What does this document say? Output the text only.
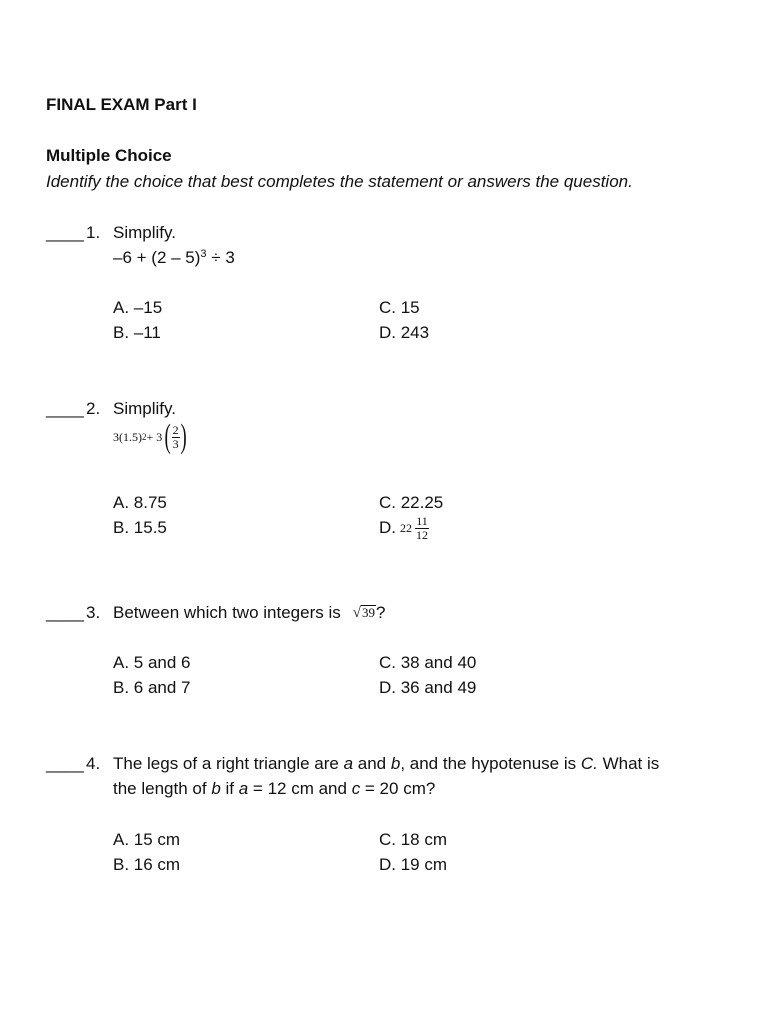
FINAL EXAM Part I
Multiple Choice
Identify the choice that best completes the statement or answers the question.
____ 1. Simplify.
–6 + (2 – 5)$^3$ ÷ 3
A. –15
B. –11
C. 15
D. 243
____ 2. Simplify.
3(1.5) 2 + 3 ( $\frac{2}{3}$ )
A. 8.75
B. 15.5
C. 22.25
D. $22 \frac{11}{12}$
____ 3. Between which two integers is √ 39 ?
A. 5 and 6
B. 6 and 7
C. 38 and 40
D. 36 and 49
____ 4. The legs of a right triangle are a and b, and the hypotenuse is C. What is
the length of b if a = 12 cm and c = 20 cm?
A. 15 cm
B. 16 cm
C. 18 cm
D. 19 cm
